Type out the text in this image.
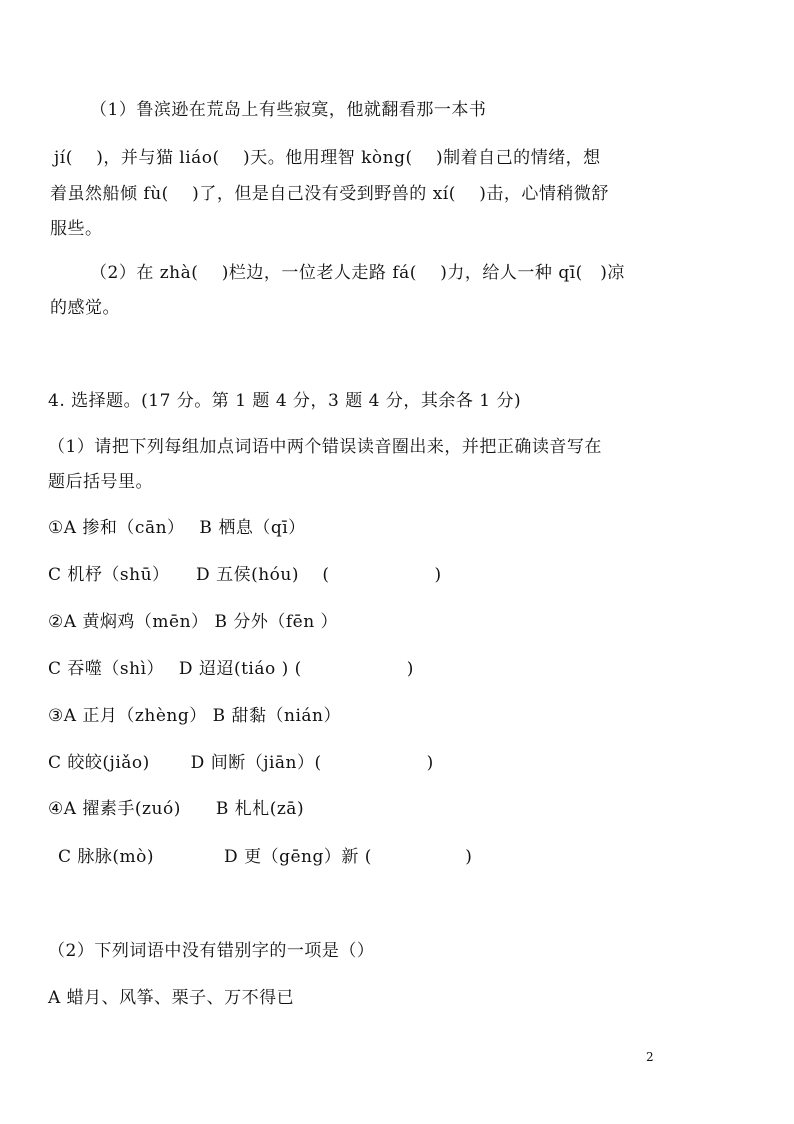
（1）鲁滨逊在荒岛上有些寂寞，他就翻看那一本书
jí(　 )，并与猫 liáo(　 )天。他用理智 kòng(　 )制着自己的情绪，想
着虽然船倾 fù(　 )了，但是自己没有受到野兽的 xí(　 )击，心情稍微舒
服些。
（2）在 zhà(　 )栏边，一位老人走路 fá(　 )力，给人一种 qī(　)凉
的感觉。
4. 选择题。(17 分。第 1 题 4 分，3 题 4 分，其余各 1 分)
（1）请把下列每组加点词语中两个错误读音圈出来，并把正确读音写在
题后括号里。
①A 掺和（cān）　 B 栖息（qī）
C 机杼（shū）　　D 五侯(hóu)　 (　　　　　　)
②A 黄焖鸡（mēn） B 分外（fēn ）
C 吞噬（shì）　 D 迢迢(tiáo ) (　　　　　　)
③A 正月（zhèng） B 甜黏（nián）
C 皎皎(jiǎo)　　 D 间断（jiān）(　　　　　　)
④A 擢素手(zuó)　　B 札札(zā)
C 脉脉(mò)　　　　D 更（gēng）新 (　　　　　 )
（2）下列词语中没有错别字的一项是（）
A 蜡月、风筝、栗子、万不得已
2
